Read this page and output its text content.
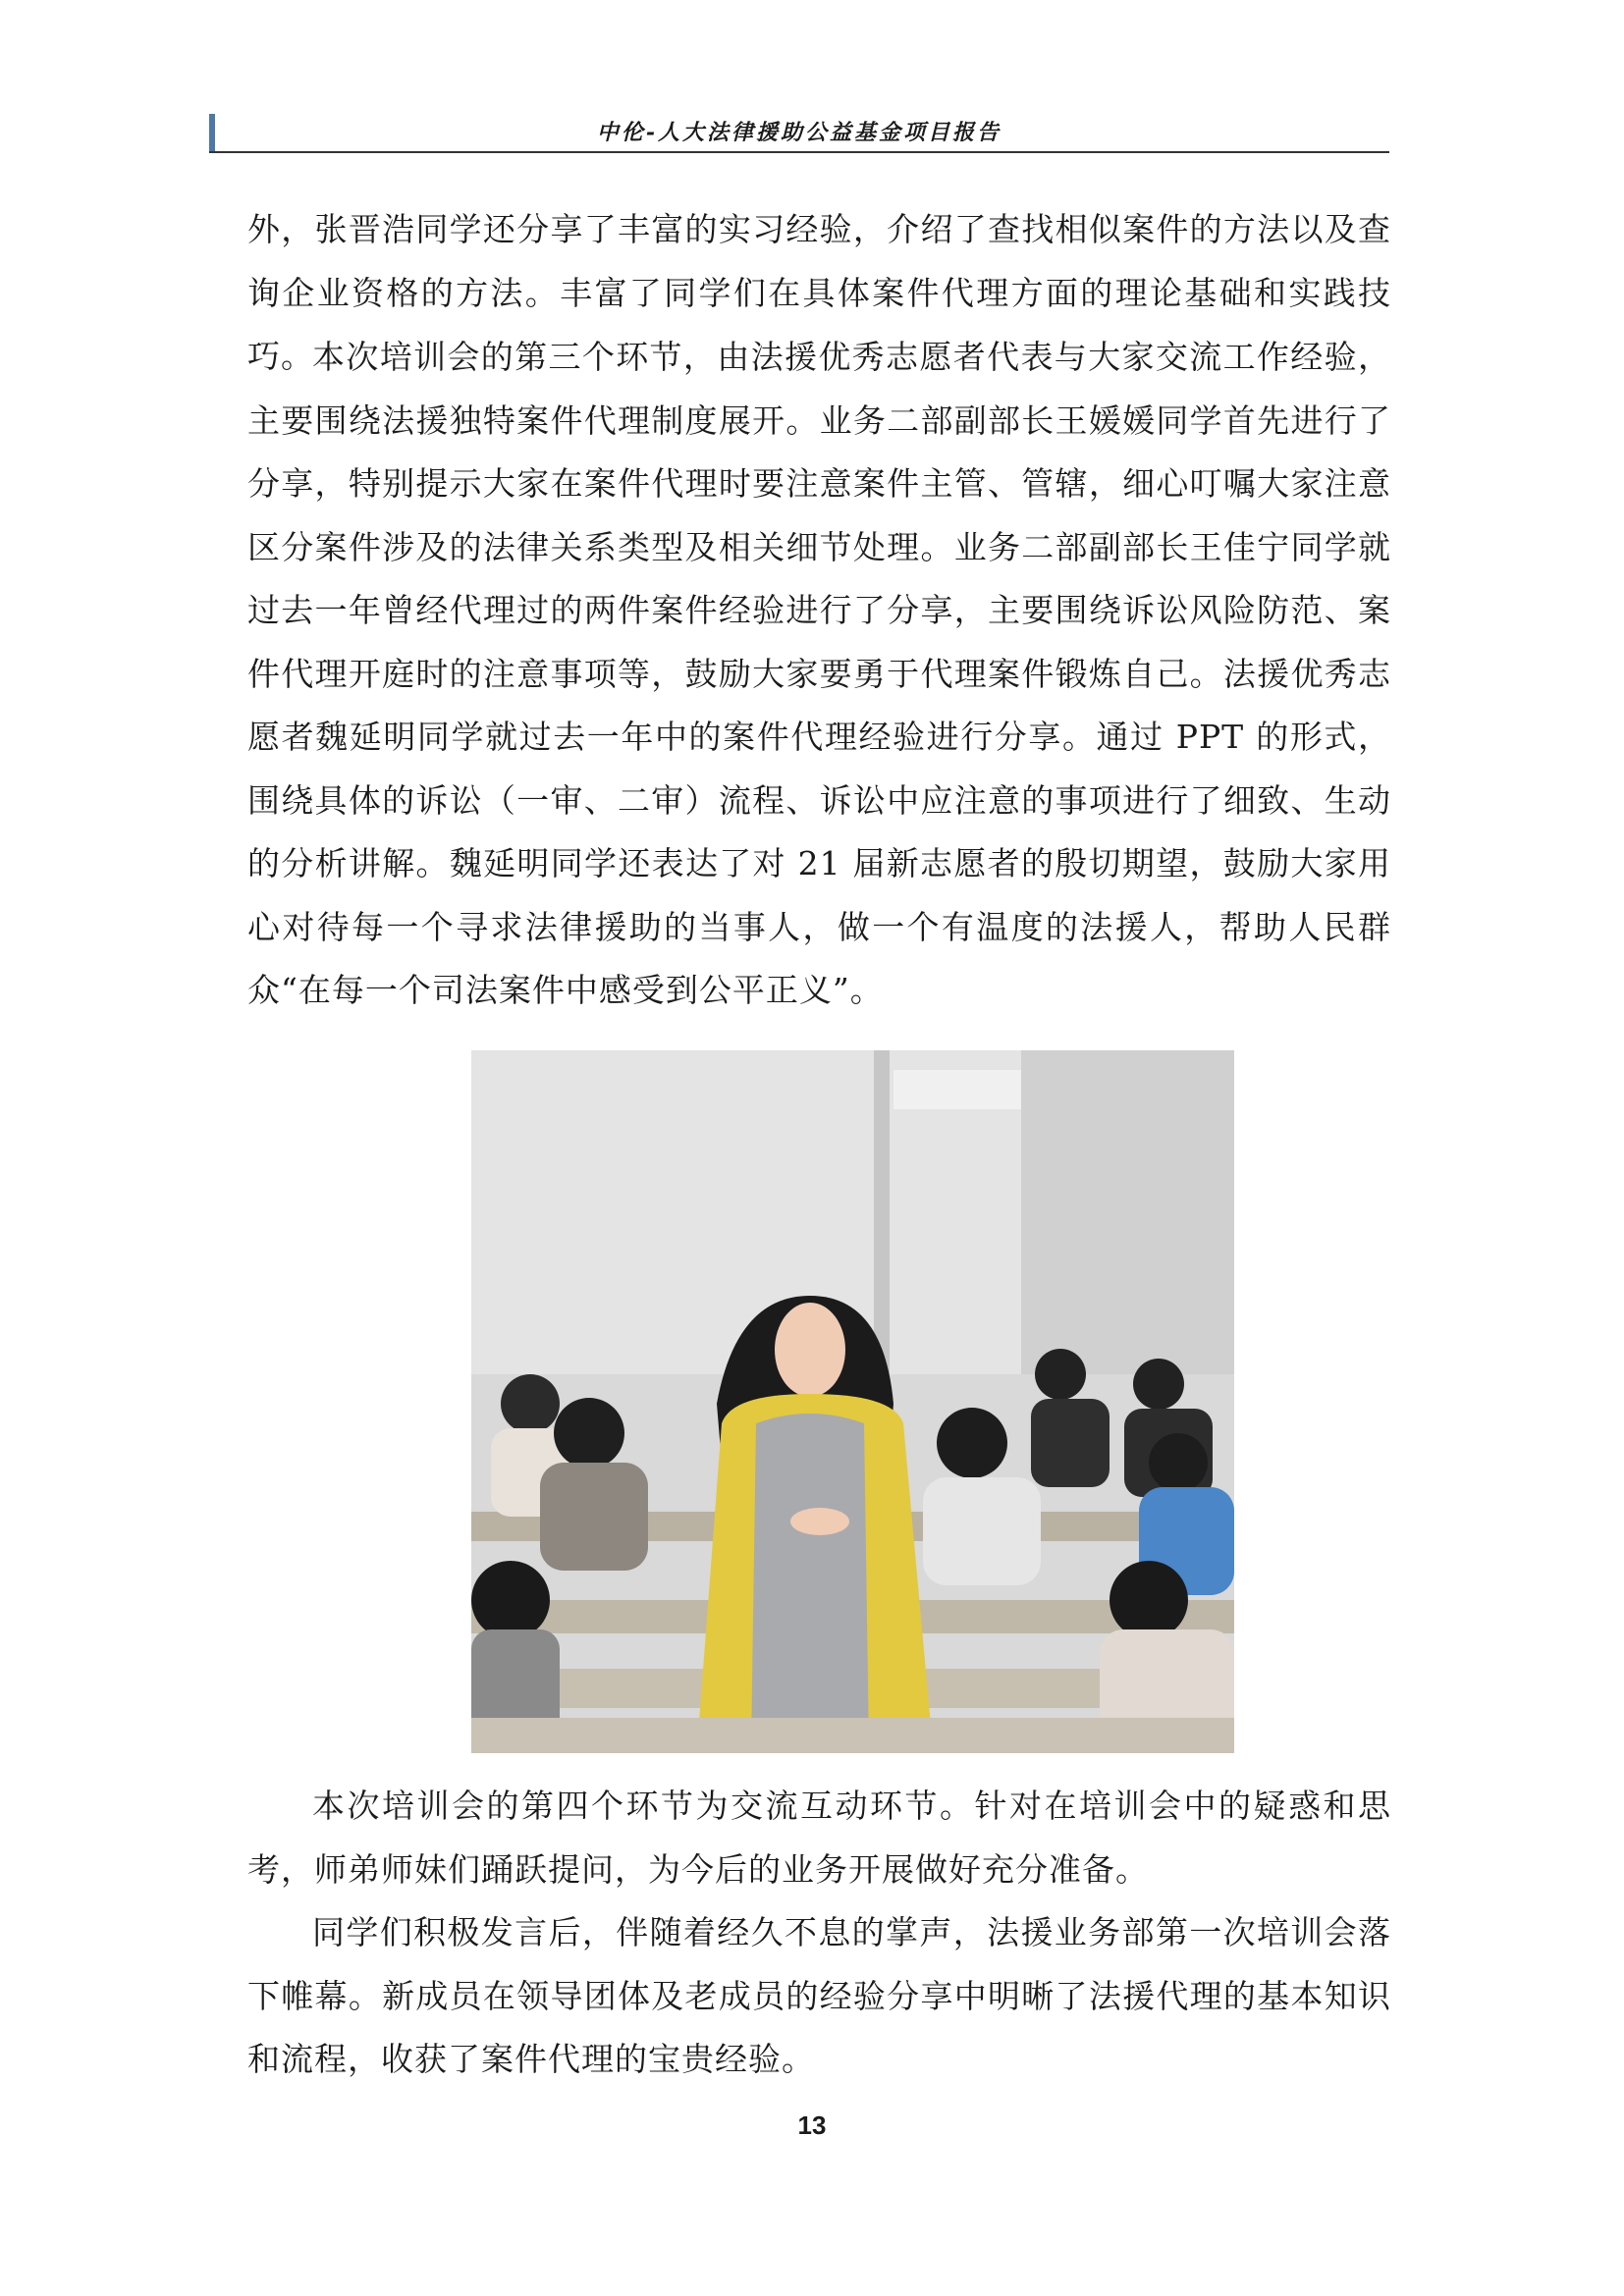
中伦-人大法律援助公益基金项目报告

外，张晋浩同学还分享了丰富的实习经验，介绍了查找相似案件的方法以及查询企业资格的方法。丰富了同学们在具体案件代理方面的理论基础和实践技巧。

本次培训会的第三个环节，由法援优秀志愿者代表与大家交流工作经验，主要围绕法援独特案件代理制度展开。业务二部副部长王媛媛同学首先进行了分享，特别提示大家在案件代理时要注意案件主管、管辖，细心叮嘱大家注意区分案件涉及的法律关系类型及相关细节处理。业务二部副部长王佳宁同学就过去一年曾经代理过的两件案件经验进行了分享，主要围绕诉讼风险防范、案件代理开庭时的注意事项等，鼓励大家要勇于代理案件锻炼自己。法援优秀志愿者魏延明同学就过去一年中的案件代理经验进行分享。通过 PPT 的形式，围绕具体的诉讼（一审、二审）流程、诉讼中应注意的事项进行了细致、生动的分析讲解。魏延明同学还表达了对 21 届新志愿者的殷切期望，鼓励大家用心对待每一个寻求法律援助的当事人，做一个有温度的法援人，帮助人民群众“在每一个司法案件中感受到公平正义”。

本次培训会的第四个环节为交流互动环节。针对在培训会中的疑惑和思考，师弟师妹们踊跃提问，为今后的业务开展做好充分准备。

同学们积极发言后，伴随着经久不息的掌声，法援业务部第一次培训会落下帷幕。新成员在领导团体及老成员的经验分享中明晰了法援代理的基本知识和流程，收获了案件代理的宝贵经验。

13
